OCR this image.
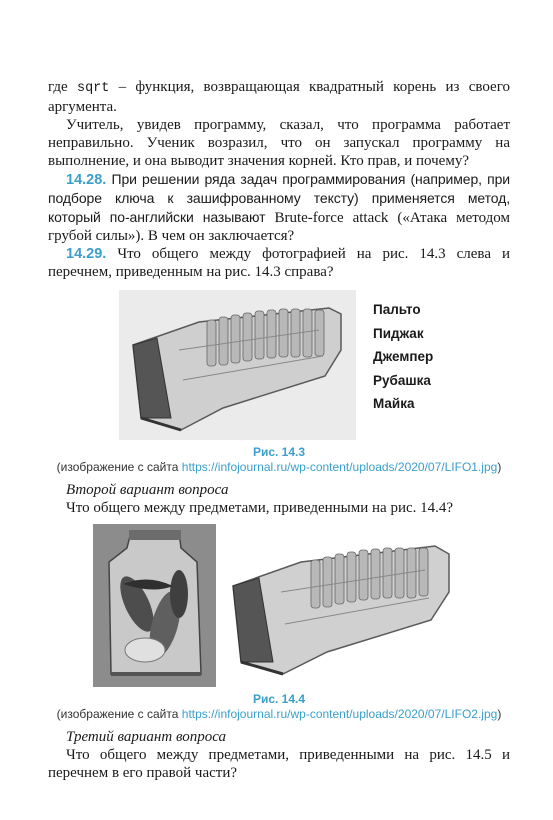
где sqrt – функция, возвращающая квадратный корень из своего аргумента.

Учитель, увидев программу, сказал, что программа работает неправильно. Ученик возразил, что он запускал программу на выполнение, и она выводит значения корней. Кто прав, и почему?

14.28. При решении ряда задач программирования (например, при подборе ключа к зашифрованному тексту) применяется метод, который по-английски называют Brute-force attack («Атака методом грубой силы»). В чем он заключается?

14.29. Что общего между фотографией на рис. 14.3 слева и перечнем, приведенным на рис. 14.3 справа?

Пальто
Пиджак
Джемпер
Рубашка
Майка
Рис. 14.3
(изображение с сайта https://infojournal.ru/wp-content/uploads/2020/07/LIFO1.jpg)

Второй вариант вопроса

Что общего между предметами, приведенными на рис. 14.4?

Рис. 14.4
(изображение с сайта https://infojournal.ru/wp-content/uploads/2020/07/LIFO2.jpg)

Третий вариант вопроса

Что общего между предметами, приведенными на рис. 14.5 и перечнем в его правой части?
